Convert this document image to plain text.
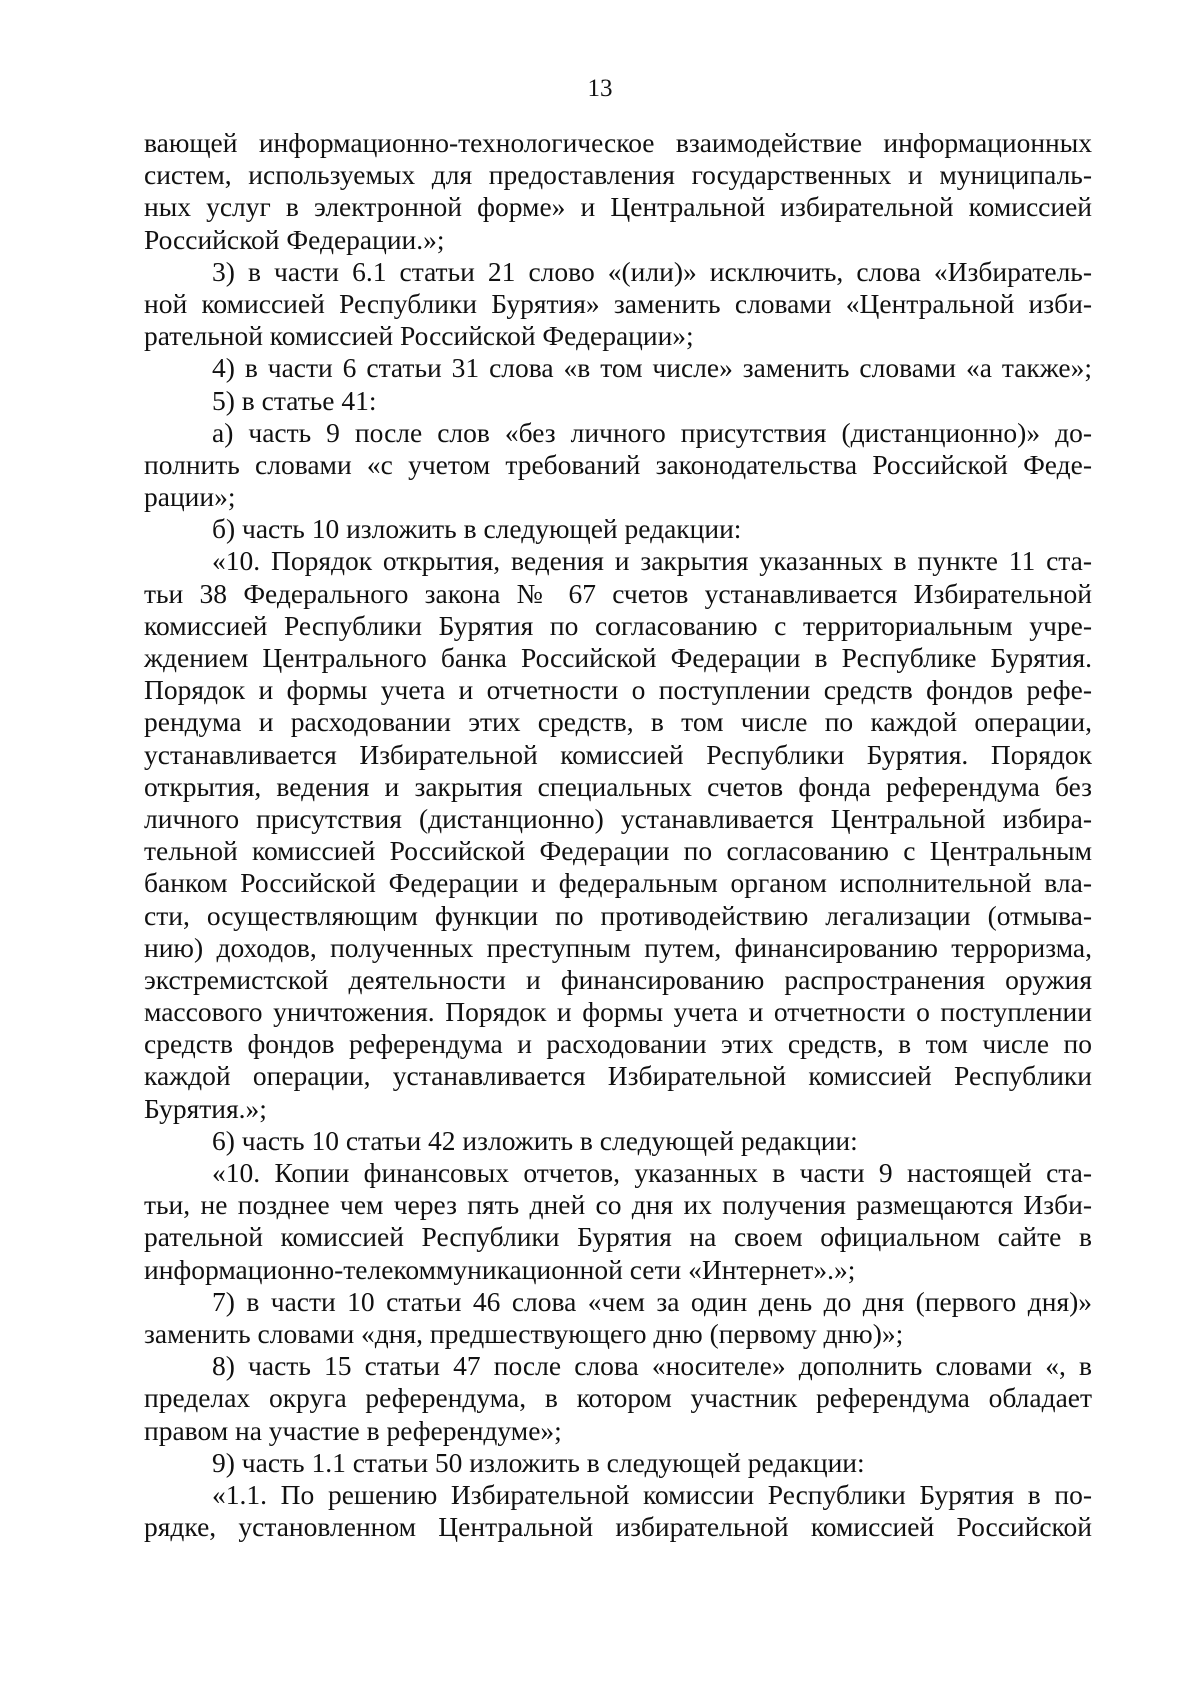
13
вающей информационно-технологическое взаимодействие информационных
систем, используемых для предоставления государственных и муниципаль-
ных услуг в электронной форме» и Центральной избирательной комиссией
Российской Федерации.»;
3) в части 6.1 статьи 21 слово «(или)» исключить, слова «Избиратель-
ной комиссией Республики Бурятия» заменить словами «Центральной изби-
рательной комиссией Российской Федерации»;
4) в части 6 статьи 31 слова «в том числе» заменить словами «а также»;
5) в статье 41:
а) часть 9 после слов «без личного присутствия (дистанционно)» до-
полнить словами «с учетом требований законодательства Российской Феде-
рации»;
б) часть 10 изложить в следующей редакции:
«10. Порядок открытия, ведения и закрытия указанных в пункте 11 ста-
тьи 38 Федерального закона № 67 счетов устанавливается Избирательной
комиссией Республики Бурятия по согласованию с территориальным учре-
ждением Центрального банка Российской Федерации в Республике Бурятия.
Порядок и формы учета и отчетности о поступлении средств фондов рефе-
рендума и расходовании этих средств, в том числе по каждой операции,
устанавливается Избирательной комиссией Республики Бурятия. Порядок
открытия, ведения и закрытия специальных счетов фонда референдума без
личного присутствия (дистанционно) устанавливается Центральной избира-
тельной комиссией Российской Федерации по согласованию с Центральным
банком Российской Федерации и федеральным органом исполнительной вла-
сти, осуществляющим функции по противодействию легализации (отмыва-
нию) доходов, полученных преступным путем, финансированию терроризма,
экстремистской деятельности и финансированию распространения оружия
массового уничтожения. Порядок и формы учета и отчетности о поступлении
средств фондов референдума и расходовании этих средств, в том числе по
каждой операции, устанавливается Избирательной комиссией Республики
Бурятия.»;
6) часть 10 статьи 42 изложить в следующей редакции:
«10. Копии финансовых отчетов, указанных в части 9 настоящей ста-
тьи, не позднее чем через пять дней со дня их получения размещаются Изби-
рательной комиссией Республики Бурятия на своем официальном сайте в
информационно-телекоммуникационной сети «Интернет».»;
7) в части 10 статьи 46 слова «чем за один день до дня (первого дня)»
заменить словами «дня, предшествующего дню (первому дню)»;
8) часть 15 статьи 47 после слова «носителе» дополнить словами «, в
пределах округа референдума, в котором участник референдума обладает
правом на участие в референдуме»;
9) часть 1.1 статьи 50 изложить в следующей редакции:
«1.1. По решению Избирательной комиссии Республики Бурятия в по-
рядке, установленном Центральной избирательной комиссией Российской
